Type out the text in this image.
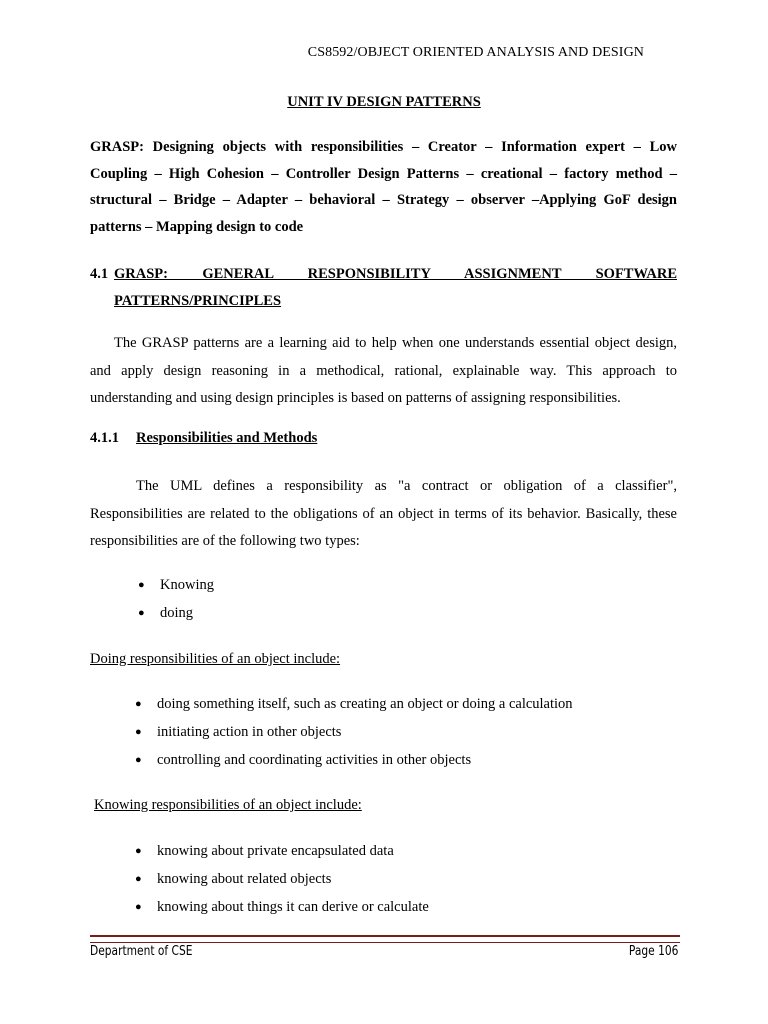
CS8592/OBJECT ORIENTED ANALYSIS AND DESIGN
UNIT IV DESIGN PATTERNS
GRASP: Designing objects with responsibilities – Creator – Information expert – Low Coupling – High Cohesion – Controller Design Patterns – creational – factory method – structural – Bridge – Adapter – behavioral – Strategy – observer –Applying GoF design patterns – Mapping design to code
4.1 GRASP: GENERAL RESPONSIBILITY ASSIGNMENT SOFTWARE PATTERNS/PRINCIPLES
The GRASP patterns are a learning aid to help when one understands essential object design, and apply design reasoning in a methodical, rational, explainable way. This approach to understanding and using design principles is based on patterns of assigning responsibilities.
4.1.1 Responsibilities and Methods
The UML defines a responsibility as "a contract or obligation of a classifier", Responsibilities are related to the obligations of an object in terms of its behavior. Basically, these responsibilities are of the following two types:
● Knowing
● doing
Doing responsibilities of an object include:
● doing something itself, such as creating an object or doing a calculation
● initiating action in other objects
● controlling and coordinating activities in other objects
Knowing responsibilities of an object include:
● knowing about private encapsulated data
● knowing about related objects
● knowing about things it can derive or calculate
Department of CSE	Page 106
